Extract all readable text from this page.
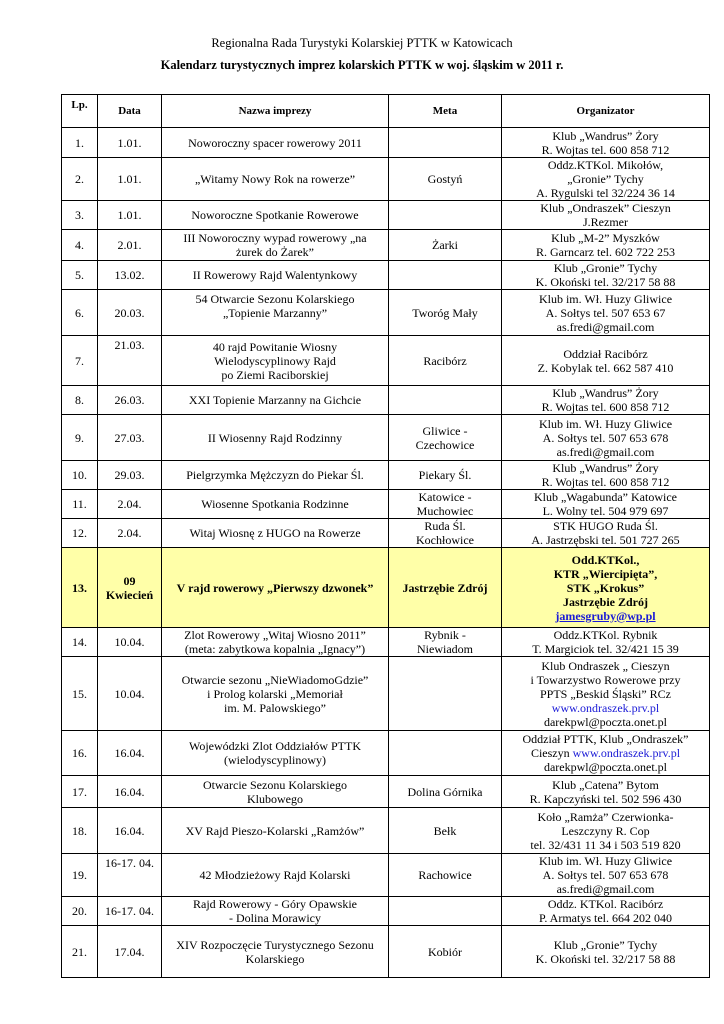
Regionalna Rada Turystyki Kolarskiej PTTK w Katowicach
Kalendarz turystycznych imprez kolarskich PTTK w woj. śląskim w 2011 r.
Lp.	Data	Nazwa imprezy	Meta	Organizator

1.	1.01.	Noworoczny spacer rowerowy 2011		Klub „Wandrus” Żory
R. Wojtas tel. 600 858 712

2.	1.01.	„Witamy Nowy Rok na rowerze”	Gostyń	Oddz.KTKol. Mikołów,
„Gronie” Tychy
A. Rygulski tel 32/224 36 14

3.	1.01.	Noworoczne Spotkanie Rowerowe		Klub „Ondraszek” Cieszyn
J.Rezmer

4.	2.01.	III Noworoczny wypad rowerowy „na
żurek do Żarek”	Żarki	Klub „M-2” Myszków
R. Garncarz tel. 602 722 253

5.	13.02.	II Rowerowy Rajd Walentynkowy		Klub „Gronie” Tychy
K. Okoński tel. 32/217 58 88

6.	20.03.	54 Otwarcie Sezonu Kolarskiego
„Topienie Marzanny”	Tworóg Mały	Klub im. Wł. Huzy Gliwice
A. Sołtys tel. 507 653 67
as.fredi@gmail.com

7.	21.03.	40 rajd Powitanie Wiosny
Wielodyscyplinowy Rajd
po Ziemi Raciborskiej	Racibórz	Oddział Racibórz
Z. Kobylak tel. 662 587 410

8.	26.03.	XXI Topienie Marzanny na Gichcie		Klub „Wandrus” Żory
R. Wojtas tel. 600 858 712

9.	27.03.	II Wiosenny Rajd Rodzinny	Gliwice -
Czechowice	Klub im. Wł. Huzy Gliwice
A. Sołtys tel. 507 653 678
as.fredi@gmail.com

10.	29.03.	Pielgrzymka Mężczyzn do Piekar Śl.	Piekary Śl.	Klub „Wandrus” Żory
R. Wojtas tel. 600 858 712

11.	2.04.	Wiosenne Spotkania Rodzinne	Katowice -
Muchowiec	Klub „Wagabunda” Katowice
L. Wolny tel. 504 979 697

12.	2.04.	Witaj Wiosnę z HUGO na Rowerze	Ruda Śl.
Kochłowice	STK HUGO Ruda Śl.
A. Jastrzębski tel. 501 727 265

13.	09
Kwiecień	V rajd rowerowy „Pierwszy dzwonek”	Jastrzębie Zdrój	Odd.KTKol.,
KTR „Wiercipięta”,
STK „Krokus”
Jastrzębie Zdrój
jamesgruby@wp.pl

14.	10.04.	Zlot Rowerowy „Witaj Wiosno 2011”
(meta: zabytkowa kopalnia „Ignacy”)	Rybnik -
Niewiadom	Oddz.KTKol. Rybnik
T. Margiciok tel. 32/421 15 39

15.	10.04.	Otwarcie sezonu „NieWiadomoGdzie”
i Prolog kolarski „Memoriał
im. M. Palowskiego”		Klub Ondraszek „ Cieszyn
i Towarzystwo Rowerowe przy
PPTS „Beskid Śląski” RCz
www.ondraszek.prv.pl
darekpwl@poczta.onet.pl

16.	16.04.	Wojewódzki Zlot Oddziałów PTTK
(wielodyscyplinowy)		Oddział PTTK, Klub „Ondraszek”
Cieszyn www.ondraszek.prv.pl
darekpwl@poczta.onet.pl

17.	16.04.	Otwarcie Sezonu Kolarskiego
Klubowego	Dolina Górnika	Klub „Catena” Bytom
R. Kapczyński tel. 502 596 430

18.	16.04.	XV Rajd Pieszo-Kolarski „Ramżów”	Bełk	Koło „Ramża” Czerwionka-
Leszczyny R. Cop
tel. 32/431 11 34 i 503 519 820

19.	16-17. 04.	42 Młodzieżowy Rajd Kolarski	Rachowice	Klub im. Wł. Huzy Gliwice
A. Sołtys tel. 507 653 678
as.fredi@gmail.com

20.	16-17. 04.	Rajd Rowerowy - Góry Opawskie
- Dolina Morawicy		Oddz. KTKol. Racibórz
P. Armatys tel. 664 202 040

21.	17.04.	XIV Rozpoczęcie Turystycznego Sezonu
Kolarskiego	Kobiór	Klub „Gronie” Tychy
K. Okoński tel. 32/217 58 88
